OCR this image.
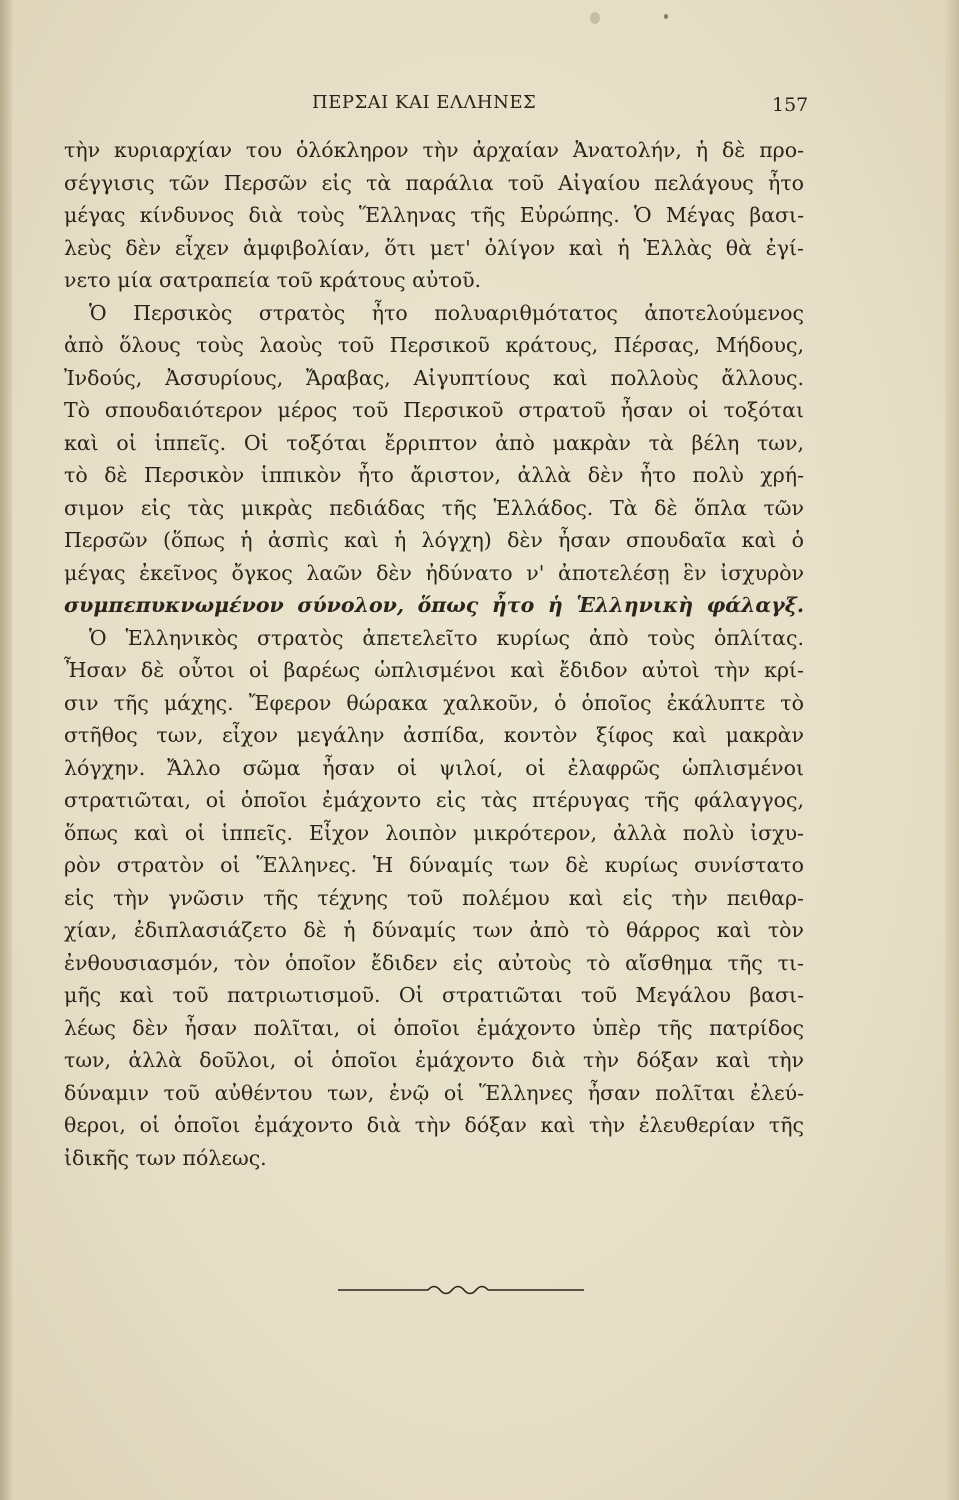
ΠΕΡΣΑΙ ΚΑΙ ΕΛΛΗΝΕΣ	157
τὴν κυριαρχίαν του ὁλόκληρον τὴν ἀρχαίαν Ἀνατολήν, ἡ δὲ προ-
σέγγισις τῶν Περσῶν εἰς τὰ παράλια τοῦ Αἰγαίου πελάγους ἦτο
μέγας κίνδυνος διὰ τοὺς Ἕλληνας τῆς Εὐρώπης. Ὁ Μέγας βασι-
λεὺς δὲν εἶχεν ἀμφιβολίαν, ὅτι μετ' ὀλίγον καὶ ἡ Ἑλλὰς θὰ ἐγί-
νετο μία σατραπεία τοῦ κράτους αὐτοῦ.
Ὁ Περσικὸς στρατὸς ἦτο πολυαριθμότατος ἀποτελούμενος
ἀπὸ ὅλους τοὺς λαοὺς τοῦ Περσικοῦ κράτους, Πέρσας, Μήδους,
Ἰνδούς, Ἀσσυρίους, Ἄραβας, Αἰγυπτίους καὶ πολλοὺς ἄλλους.
Τὸ σπουδαιότερον μέρος τοῦ Περσικοῦ στρατοῦ ἦσαν οἱ τοξόται
καὶ οἱ ἱππεῖς. Οἱ τοξόται ἔρριπτον ἀπὸ μακρὰν τὰ βέλη των,
τὸ δὲ Περσικὸν ἱππικὸν ἦτο ἄριστον, ἀλλὰ δὲν ἦτο πολὺ χρή-
σιμον εἰς τὰς μικρὰς πεδιάδας τῆς Ἑλλάδος. Τὰ δὲ ὅπλα τῶν
Περσῶν (ὅπως ἡ ἀσπὶς καὶ ἡ λόγχη) δὲν ἦσαν σπουδαῖα καὶ ὁ
μέγας ἐκεῖνος ὄγκος λαῶν δὲν ἠδύνατο ν' ἀποτελέσῃ ἓν ἰσχυρὸν
συμπεπυκνωμένον σύνολον, ὅπως ἦτο ἡ Ἑλληνικὴ φάλαγξ.
Ὁ Ἑλληνικὸς στρατὸς ἀπετελεῖτο κυρίως ἀπὸ τοὺς ὁπλίτας.
Ἦσαν δὲ οὗτοι οἱ βαρέως ὡπλισμένοι καὶ ἔδιδον αὐτοὶ τὴν κρί-
σιν τῆς μάχης. Ἔφερον θώρακα χαλκοῦν, ὁ ὁποῖος ἐκάλυπτε τὸ
στῆθος των, εἶχον μεγάλην ἀσπίδα, κοντὸν ξίφος καὶ μακρὰν
λόγχην. Ἄλλο σῶμα ἦσαν οἱ ψιλοί, οἱ ἐλαφρῶς ὡπλισμένοι
στρατιῶται, οἱ ὁποῖοι ἐμάχοντο εἰς τὰς πτέρυγας τῆς φάλαγγος,
ὅπως καὶ οἱ ἱππεῖς. Εἶχον λοιπὸν μικρότερον, ἀλλὰ πολὺ ἰσχυ-
ρὸν στρατὸν οἱ Ἕλληνες. Ἡ δύναμίς των δὲ κυρίως συνίστατο
εἰς τὴν γνῶσιν τῆς τέχνης τοῦ πολέμου καὶ εἰς τὴν πειθαρ-
χίαν, ἐδιπλασιάζετο δὲ ἡ δύναμίς των ἀπὸ τὸ θάρρος καὶ τὸν
ἐνθουσιασμόν, τὸν ὁποῖον ἔδιδεν εἰς αὐτοὺς τὸ αἴσθημα τῆς τι-
μῆς καὶ τοῦ πατριωτισμοῦ. Οἱ στρατιῶται τοῦ Μεγάλου βασι-
λέως δὲν ἦσαν πολῖται, οἱ ὁποῖοι ἐμάχοντο ὑπὲρ τῆς πατρίδος
των, ἀλλὰ δοῦλοι, οἱ ὁποῖοι ἐμάχοντο διὰ τὴν δόξαν καὶ τὴν
δύναμιν τοῦ αὐθέντου των, ἐνῷ οἱ Ἕλληνες ἦσαν πολῖται ἐλεύ-
θεροι, οἱ ὁποῖοι ἐμάχοντο διὰ τὴν δόξαν καὶ τὴν ἐλευθερίαν τῆς
ἰδικῆς των πόλεως.
